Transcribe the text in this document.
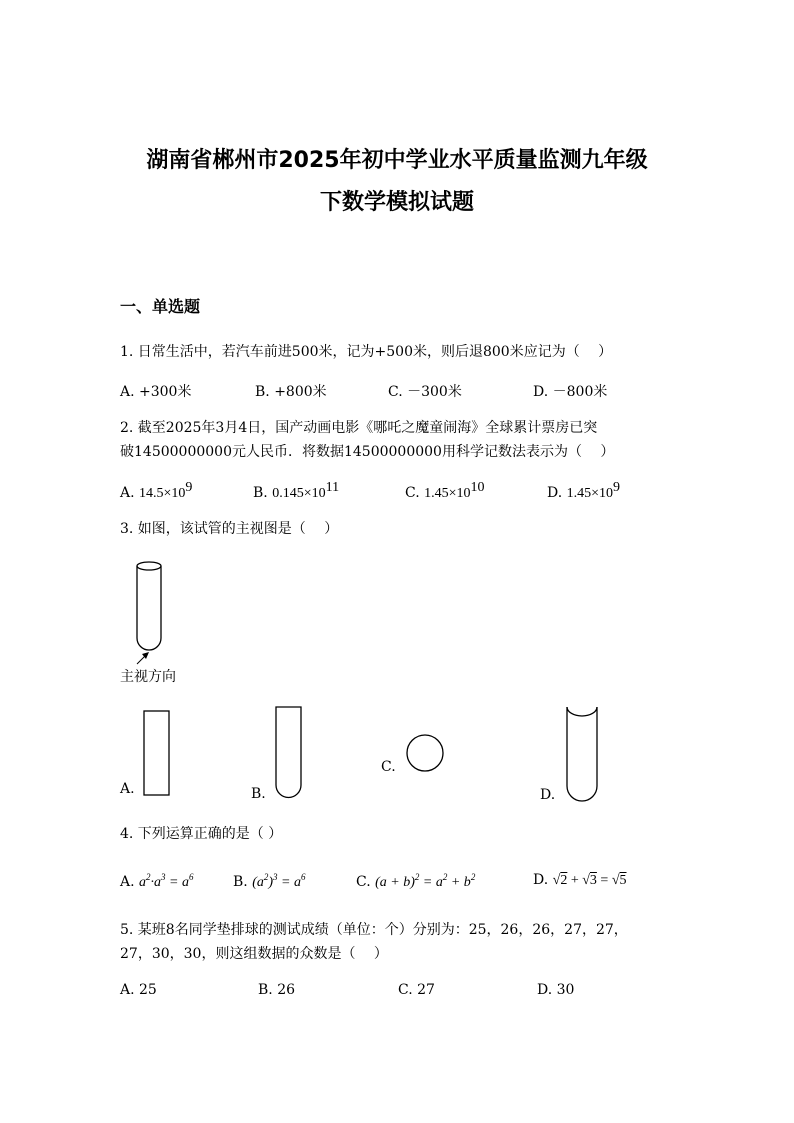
湖南省郴州市2025年初中学业水平质量监测九年级
下数学模拟试题
一、单选题
1. 日常生活中，若汽车前进500米，记为+500米，则后退800米应记为（　 ）
A. +300米	B. +800米	C. －300米	D. －800米
2. 截至2025年3月4日，国产动画电影《哪吒之魔童闹海》全球累计票房已突
破14500000000元人民币．将数据14500000000用科学记数法表示为（　 ）
A. $14.5\times 10^9$	B. $0.145\times 10^{11}$	C. $1.45\times 10^{10}$	D. $1.45\times 10^9$
3. 如图，该试管的主视图是（　 ）
主视方向
A.	B.
C.
D.
4. 下列运算正确的是（ ）
A. $a^2\cdot a^3 = a^6$	B. $(a^2)^3 = a^6$	C. $(a + b)^2 = a^2 + b^2$	D. √2 + √3 = √5
5. 某班8名同学垫排球的测试成绩（单位：个）分别为：25，26，26，27，27，
27，30，30，则这组数据的众数是（　 ）
A. 25	B. 26	C. 27	D. 30
